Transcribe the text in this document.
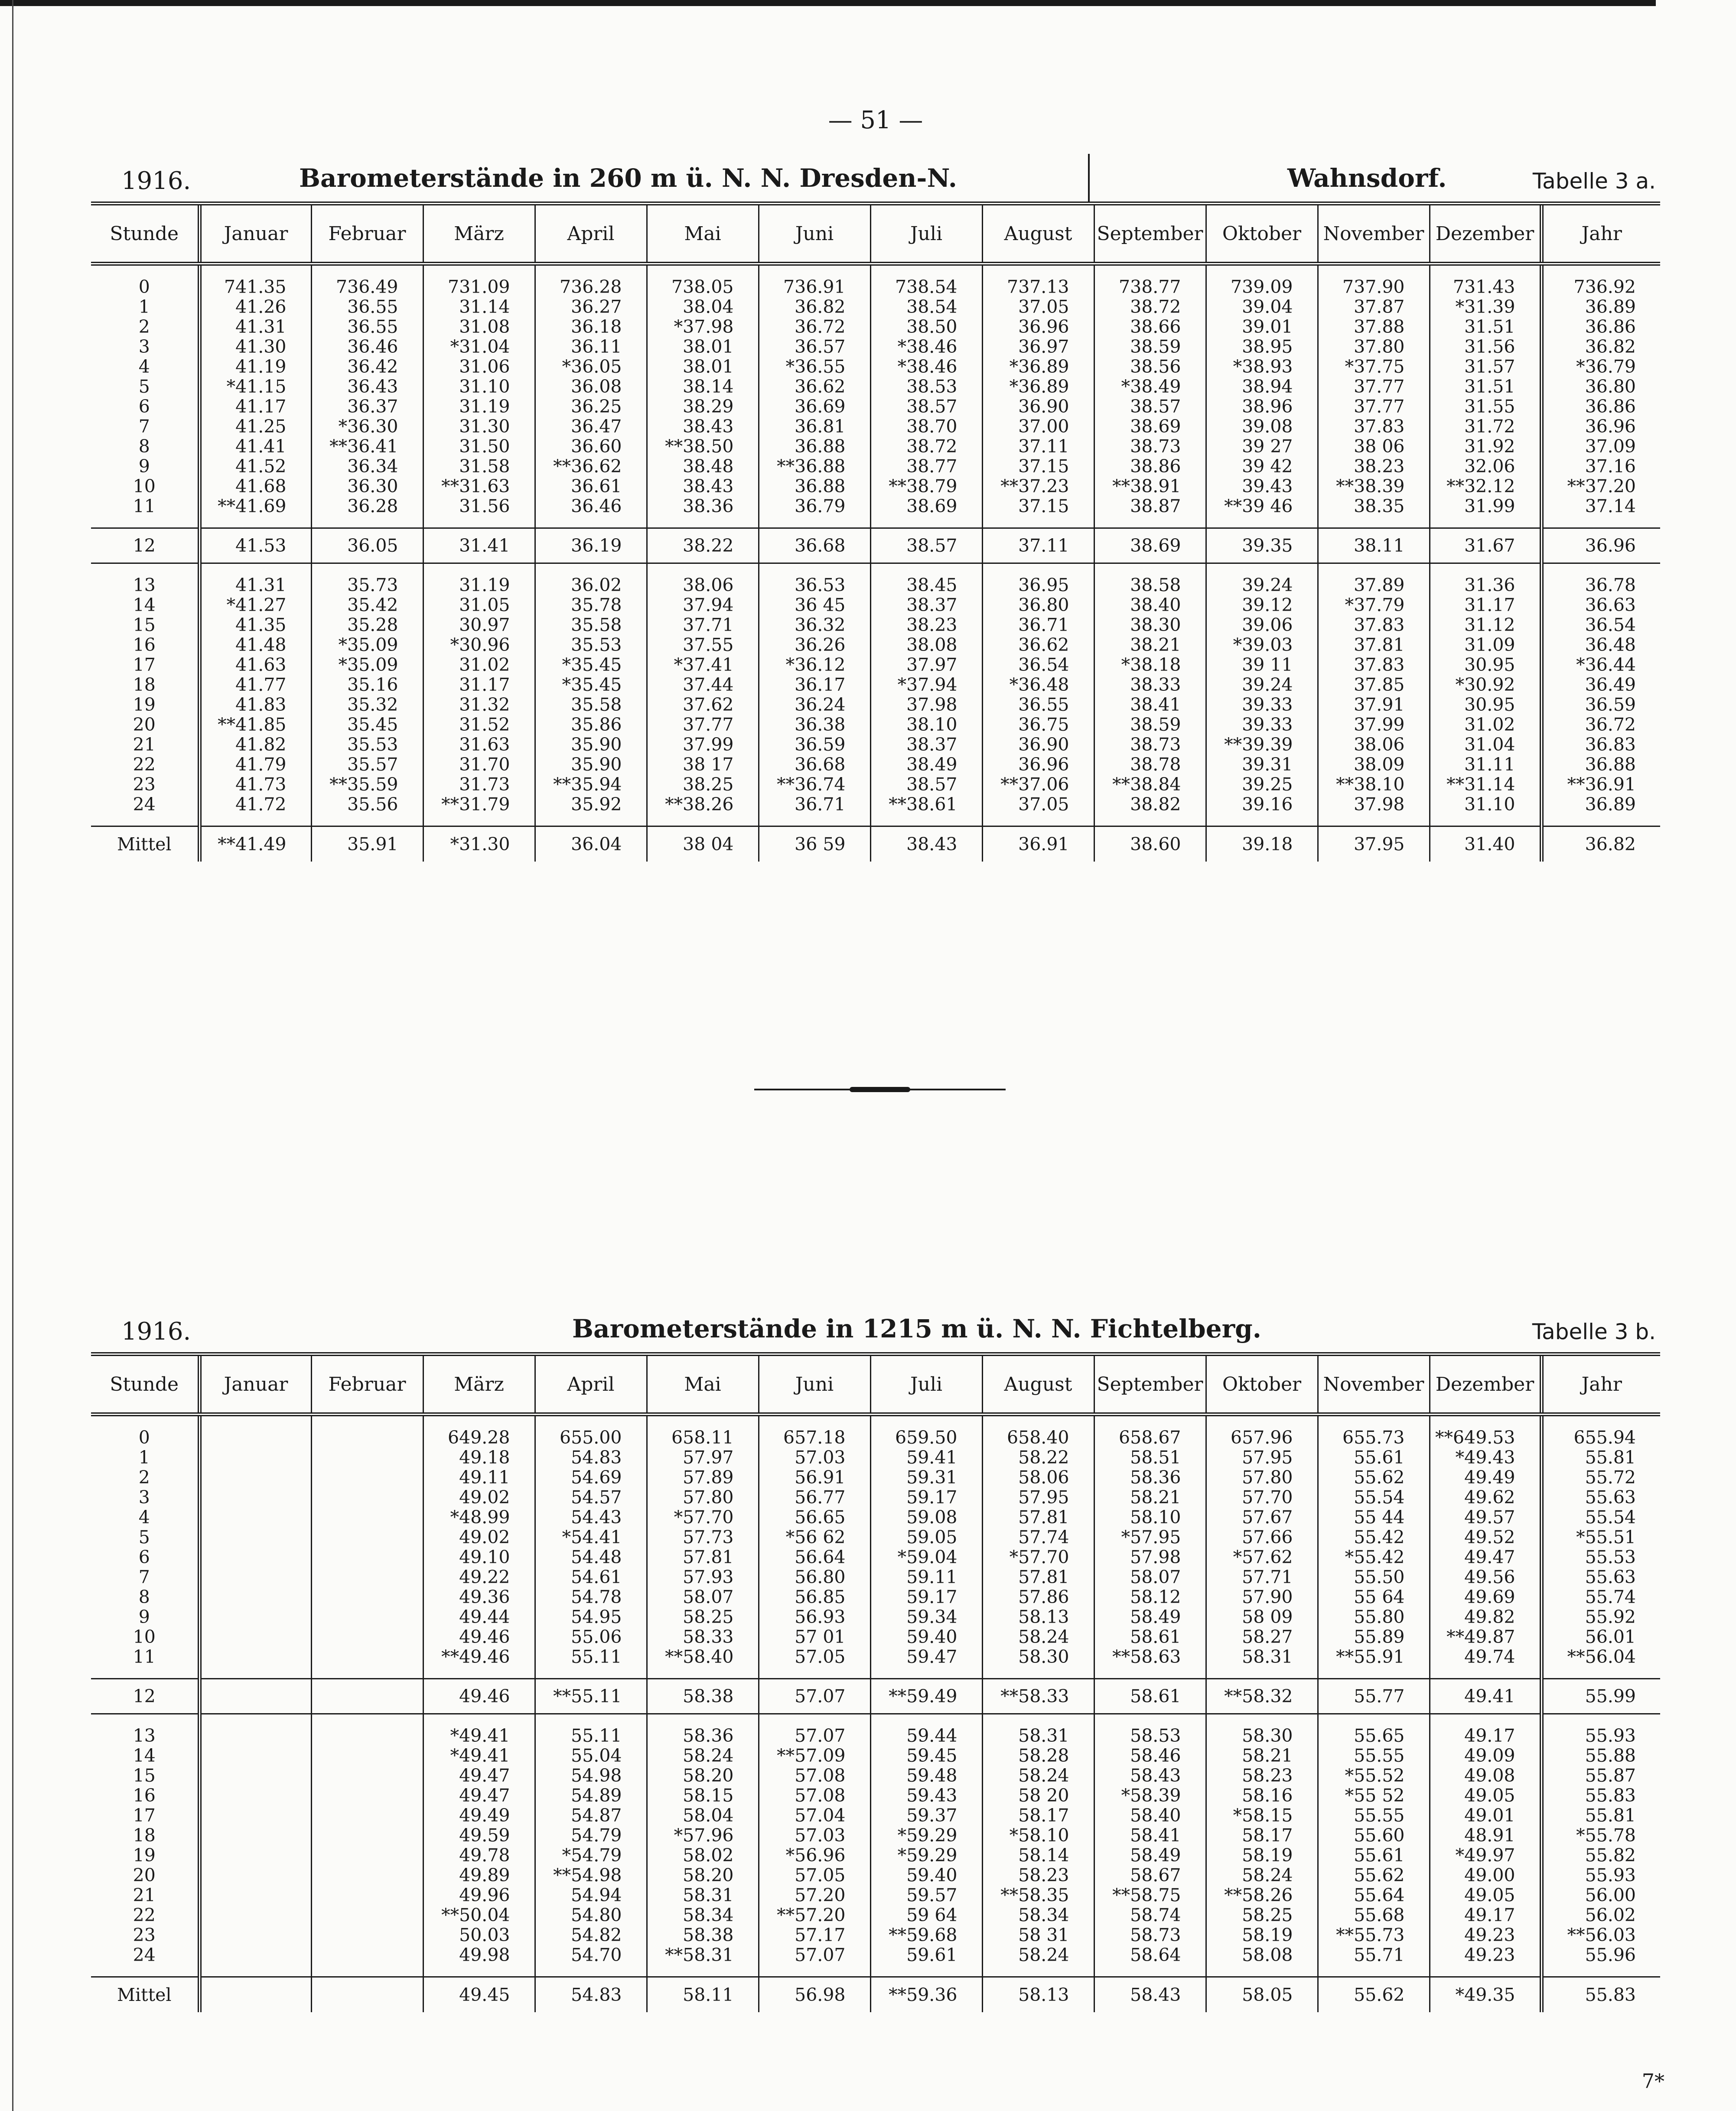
— 51 —
1916.	Barometerstände in 260 m ü. N. N. Dresden-N.	Wahnsdorf.	Tabelle 3 a.
Stunde	Januar	Februar	März	April	Mai	Juni	Juli	August	September	Oktober	November	Dezember	Jahr

0	741.35	736.49	731.09	736.28	738.05	736.91	738.54	737.13	738.77	739.09	737.90	731.43	736.92
1	41.26	36.55	31.14	36.27	38.04	36.82	38.54	37.05	38.72	39.04	37.87	*31.39	36.89
2	41.31	36.55	31.08	36.18	*37.98	36.72	38.50	36.96	38.66	39.01	37.88	31.51	36.86
3	41.30	36.46	*31.04	36.11	38.01	36.57	*38.46	36.97	38.59	38.95	37.80	31.56	36.82
4	41.19	36.42	31.06	*36.05	38.01	*36.55	*38.46	*36.89	38.56	*38.93	*37.75	31.57	*36.79
5	*41.15	36.43	31.10	36.08	38.14	36.62	38.53	*36.89	*38.49	38.94	37.77	31.51	36.80
6	41.17	36.37	31.19	36.25	38.29	36.69	38.57	36.90	38.57	38.96	37.77	31.55	36.86
7	41.25	*36.30	31.30	36.47	38.43	36.81	38.70	37.00	38.69	39.08	37.83	31.72	36.96
8	41.41	**36.41	31.50	36.60	**38.50	36.88	38.72	37.11	38.73	39 27	38 06	31.92	37.09
9	41.52	36.34	31.58	**36.62	38.48	**36.88	38.77	37.15	38.86	39 42	38.23	32.06	37.16
10	41.68	36.30	**31.63	36.61	38.43	36.88	**38.79	**37.23	**38.91	39.43	**38.39	**32.12	**37.20
11	**41.69	36.28	31.56	36.46	38.36	36.79	38.69	37.15	38.87	**39 46	38.35	31.99	37.14

12	41.53	36.05	31.41	36.19	38.22	36.68	38.57	37.11	38.69	39.35	38.11	31.67	36.96

13	41.31	35.73	31.19	36.02	38.06	36.53	38.45	36.95	38.58	39.24	37.89	31.36	36.78
14	*41.27	35.42	31.05	35.78	37.94	36 45	38.37	36.80	38.40	39.12	*37.79	31.17	36.63
15	41.35	35.28	30.97	35.58	37.71	36.32	38.23	36.71	38.30	39.06	37.83	31.12	36.54
16	41.48	*35.09	*30.96	35.53	37.55	36.26	38.08	36.62	38.21	*39.03	37.81	31.09	36.48
17	41.63	*35.09	31.02	*35.45	*37.41	*36.12	37.97	36.54	*38.18	39 11	37.83	30.95	*36.44
18	41.77	35.16	31.17	*35.45	37.44	36.17	*37.94	*36.48	38.33	39.24	37.85	*30.92	36.49
19	41.83	35.32	31.32	35.58	37.62	36.24	37.98	36.55	38.41	39.33	37.91	30.95	36.59
20	**41.85	35.45	31.52	35.86	37.77	36.38	38.10	36.75	38.59	39.33	37.99	31.02	36.72
21	41.82	35.53	31.63	35.90	37.99	36.59	38.37	36.90	38.73	**39.39	38.06	31.04	36.83
22	41.79	35.57	31.70	35.90	38 17	36.68	38.49	36.96	38.78	39.31	38.09	31.11	36.88
23	41.73	**35.59	31.73	**35.94	38.25	**36.74	38.57	**37.06	**38.84	39.25	**38.10	**31.14	**36.91
24	41.72	35.56	**31.79	35.92	**38.26	36.71	**38.61	37.05	38.82	39.16	37.98	31.10	36.89

Mittel	**41.49	35.91	*31.30	36.04	38 04	36 59	38.43	36.91	38.60	39.18	37.95	31.40	36.82
1916.	Barometerstände in 1215 m ü. N. N. Fichtelberg.	Tabelle 3 b.
Stunde	Januar	Februar	März	April	Mai	Juni	Juli	August	September	Oktober	November	Dezember	Jahr

0			649.28	655.00	658.11	657.18	659.50	658.40	658.67	657.96	655.73	**649.53	655.94
1			49.18	54.83	57.97	57.03	59.41	58.22	58.51	57.95	55.61	*49.43	55.81
2			49.11	54.69	57.89	56.91	59.31	58.06	58.36	57.80	55.62	49.49	55.72
3			49.02	54.57	57.80	56.77	59.17	57.95	58.21	57.70	55.54	49.62	55.63
4			*48.99	54.43	*57.70	56.65	59.08	57.81	58.10	57.67	55 44	49.57	55.54
5			49.02	*54.41	57.73	*56 62	59.05	57.74	*57.95	57.66	55.42	49.52	*55.51
6			49.10	54.48	57.81	56.64	*59.04	*57.70	57.98	*57.62	*55.42	49.47	55.53
7			49.22	54.61	57.93	56.80	59.11	57.81	58.07	57.71	55.50	49.56	55.63
8			49.36	54.78	58.07	56.85	59.17	57.86	58.12	57.90	55 64	49.69	55.74
9			49.44	54.95	58.25	56.93	59.34	58.13	58.49	58 09	55.80	49.82	55.92
10			49.46	55.06	58.33	57 01	59.40	58.24	58.61	58.27	55.89	**49.87	56.01
11			**49.46	55.11	**58.40	57.05	59.47	58.30	**58.63	58.31	**55.91	49.74	**56.04

12			49.46	**55.11	58.38	57.07	**59.49	**58.33	58.61	**58.32	55.77	49.41	55.99

13			*49.41	55.11	58.36	57.07	59.44	58.31	58.53	58.30	55.65	49.17	55.93
14			*49.41	55.04	58.24	**57.09	59.45	58.28	58.46	58.21	55.55	49.09	55.88
15			49.47	54.98	58.20	57.08	59.48	58.24	58.43	58.23	*55.52	49.08	55.87
16			49.47	54.89	58.15	57.08	59.43	58 20	*58.39	58.16	*55 52	49.05	55.83
17			49.49	54.87	58.04	57.04	59.37	58.17	58.40	*58.15	55.55	49.01	55.81
18			49.59	54.79	*57.96	57.03	*59.29	*58.10	58.41	58.17	55.60	48.91	*55.78
19			49.78	*54.79	58.02	*56.96	*59.29	58.14	58.49	58.19	55.61	*49.97	55.82
20			49.89	**54.98	58.20	57.05	59.40	58.23	58.67	58.24	55.62	49.00	55.93
21			49.96	54.94	58.31	57.20	59.57	**58.35	**58.75	**58.26	55.64	49.05	56.00
22			**50.04	54.80	58.34	**57.20	59 64	58.34	58.74	58.25	55.68	49.17	56.02
23			50.03	54.82	58.38	57.17	**59.68	58 31	58.73	58.19	**55.73	49.23	**56.03
24			49.98	54.70	**58.31	57.07	59.61	58.24	58.64	58.08	55.71	49.23	55.96

Mittel			49.45	54.83	58.11	56.98	**59.36	58.13	58.43	58.05	55.62	*49.35	55.83
7*
